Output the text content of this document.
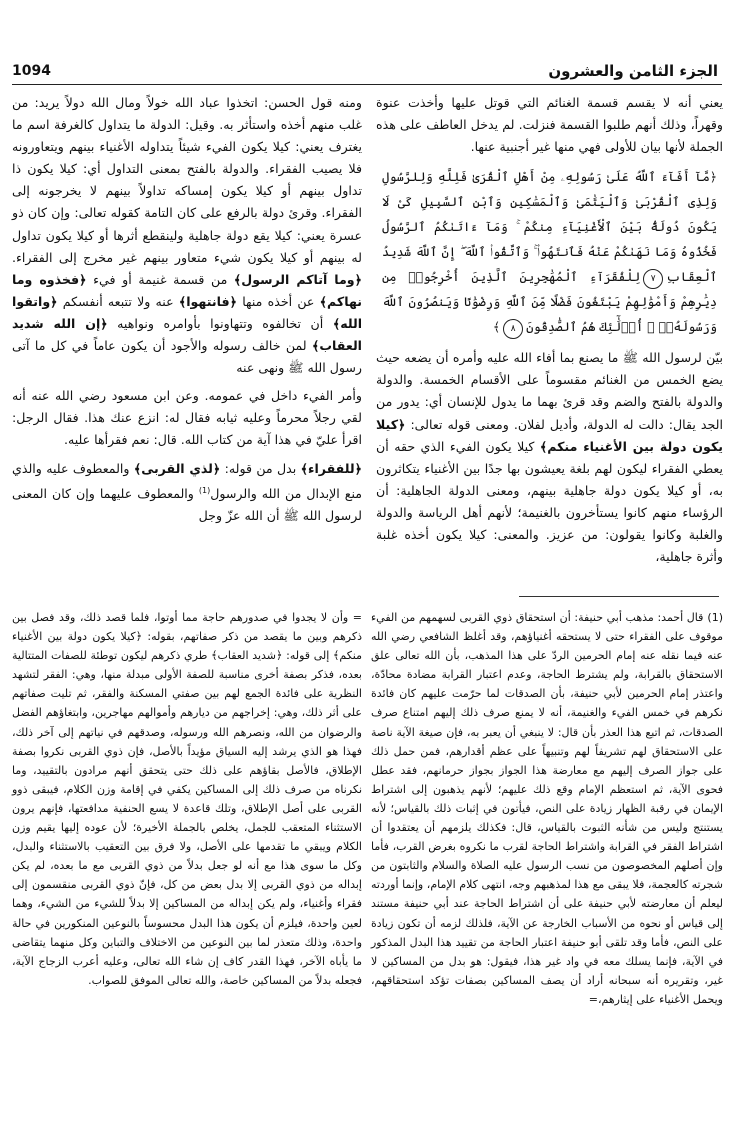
الجزء الثامن والعشرون
1094

يعني أنه لا يقسم قسمة الغنائم التي قوتل عليها وأخذت عنوة وقهراً، وذلك أنهم طلبوا القسمة فنزلت. لم يدخل العاطف على هذه الجملة لأنها بيان للأولى فهي منها غير أجنبية عنها.

﴿مَّآ أَفَآءَ ٱللَّهُ عَلَىٰ رَسُولِهِۦ مِنْ أَهْلِ ٱلْقُرَىٰ فَلِلَّهِ وَلِلرَّسُولِ وَلِذِى ٱلْقُرْبَىٰ وَٱلْيَتَٰمَىٰ وَٱلْمَسَٰكِينِ وَٱبْنِ ٱلسَّبِيلِ كَىْ لَا يَكُونَ دُولَةًۢ بَيْنَ ٱلْأَغْنِيَآءِ مِنكُمْ ۚ وَمَآ ءَاتَىٰكُمُ ٱلرَّسُولُ فَخُذُوهُ وَمَا نَهَىٰكُمْ عَنْهُ فَٱنتَهُوا۟ ۚ وَٱتَّقُوا۟ ٱللَّهَ ۖ إِنَّ ٱللَّهَ شَدِيدُ ٱلْعِقَابِ٧لِلْفُقَرَآءِ ٱلْمُهَٰجِرِينَ ٱلَّذِينَ أُخْرِجُوا۟ مِن دِيَٰرِهِمْ وَأَمْوَٰلِهِمْ يَبْتَغُونَ فَضْلًا مِّنَ ٱللَّهِ وَرِضْوَٰنًا وَيَنصُرُونَ ٱللَّهَ وَرَسُولَهُۥٓ ۚ أُو۟لَٰٓئِكَ هُمُ ٱلصَّٰدِقُونَ٨﴾

بيّن لرسول الله ﷺ ما يصنع بما أفاء الله عليه وأمره أن يضعه حيث يضع الخمس من الغنائم مقسوماً على الأقسام الخمسة. والدولة والدولة بالفتح والضم وقد قرئ بهما ما يدول للإنسان أي: يدور من الجد يقال: دالت له الدولة، وأديل لفلان. ومعنى قوله تعالى: ﴿كيلا يكون دولة بين الأغنياء منكم﴾ كيلا يكون الفيء الذي حقه أن يعطي الفقراء ليكون لهم بلغة يعيشون بها جدًا بين الأغنياء يتكاثرون به، أو كيلا يكون دولة جاهلية بينهم، ومعنى الدولة الجاهلية: أن الرؤساء منهم كانوا يستأخرون بالغنيمة؛ لأنهم أهل الرياسة والدولة والغلبة وكانوا يقولون: من عزيز. والمعنى: كيلا يكون أخذه غلبة وأثرة جاهلية،

ومنه قول الحسن: اتخذوا عباد الله خولاً ومال الله دولاً يريد: من غلب منهم أخذه واستأثر به. وقيل: الدولة ما يتداول كالغرفة اسم ما يغترف يعني: كيلا يكون الفيء شيئاً يتداوله الأغنياء بينهم ويتعاورونه فلا يصيب الفقراء. والدولة بالفتح بمعنى التداول أي: كيلا يكون ذا تداول بينهم أو كيلا يكون إمساكه تداولاً بينهم لا يخرجونه إلى الفقراء. وقرئ دولة بالرفع على كان التامة كقوله تعالى: وإن كان ذو عسرة يعني: كيلا يقع دولة جاهلية ولينقطع أثرها أو كيلا يكون تداول له بينهم أو كيلا يكون شيء متعاور بينهم غير مخرج إلى الفقراء. ﴿وما آتاكم الرسول﴾ من قسمة غنيمة أو فيء ﴿فخذوه وما نهاكم﴾ عن أخذه منها ﴿فانتهوا﴾ عنه ولا تتبعه أنفسكم ﴿واتقوا الله﴾ أن تخالفوه وتتهاونوا بأوامره ونواهيه ﴿إن الله شديد العقاب﴾ لمن خالف رسوله والأجود أن يكون عاماً في كل ما آتى رسول الله ﷺ ونهى عنه

وأمر الفيء داخل في عمومه. وعن ابن مسعود رضي الله عنه أنه لقي رجلاً محرماً وعليه ثيابه فقال له: انزع عنك هذا. فقال الرجل: اقرأ عليّ في هذا آية من كتاب الله. قال: نعم فقرأها عليه.

﴿للفقراء﴾ بدل من قوله: ﴿لذي القربى﴾ والمعطوف عليه والذي منع الإبدال من الله والرسول$^{(1)}$ والمعطوف عليهما وإن كان المعنى لرسول الله ﷺ أن الله عزّ وجل

(1)قال أحمد: مذهب أبي حنيفة: أن استحقاق ذوي القربى لسهمهم من الفيء موقوف على الفقراء حتى لا يستحقه أغنياؤهم، وقد أغلظ الشافعي رضي الله عنه فيما نقله عنه إمام الحرمين الردّ على هذا المذهب، بأن الله تعالى علق الاستحقاق بالقرابة، ولم يشترط الحاجة، وعدم اعتبار القرابة مضادة محادّة، واعتذر إمام الحرمين لأبي حنيفة، بأن الصدقات لما حرّمت عليهم كان فائدة نكرهم في خمس الفيء والغنيمة، أنه لا يمنع صرف ذلك إليهم امتناع صرف الصدقات، ثم اتبع هذا العذر بأن قال: لا ينبغي أن يعبر به، فإن صيغة الآية ناصة على الاستحقاق لهم تشريفاً لهم وتنبيهاً على عظم أقدارهم، فمن حمل ذلك على جواز الصرف إليهم مع معارضة هذا الجواز بجواز حرمانهم، فقد عطل فحوى الآية، ثم استعظم الإمام وقع ذلك عليهم؛ لأنهم يذهبون إلى اشتراط الإيمان في رقبة الظهار زيادة على النص، فيأتون في إثبات ذلك بالقياس؛ لأنه يستنتج وليس من شأنه الثبوت بالقياس، قال: فكذلك يلزمهم أن يعتقدوا أن اشتراط الفقر في القرابة واشتراط الحاجة لقرب ما نكروه بغرض القرب، فأما وإن أصلهم المخصوصون من نسب الرسول عليه الصلاة والسلام والثابتون من شجرته كالعجمة، فلا يبقى مع هذا لمذهبهم وجه، انتهى كلام الإمام، وإنما أوردته ليعلم أن معارضته لأبي حنيفة على أن اشتراط الحاجة عند أبي حنيفة مستند إلى قياس أو نحوه من الأسباب الخارجة عن الآية، فلذلك لزمه أن تكون زيادة على النص، فأما وقد تلقى أبو حنيفة اعتبار الحاجة من تقييد هذا البدل المذكور في الآية، فإنما يسلك معه في واد غير هذا، فيقول: هو بدل من المساكين لا غير، وتقريره أنه سبحانه أراد أن يصف المساكين بصفات تؤكد استحقاقهم، ويحمل الأغنياء على إيثارهم،=
= وأن لا يجدوا في صدورهم حاجة مما أوتوا، فلما قصد ذلك، وقد فصل بين ذكرهم وبين ما يقصد من ذكر صفاتهم، بقوله: ﴿كيلا يكون دولة بين الأغنياء منكم﴾ إلى قوله: ﴿شديد العقاب﴾ طري ذكرهم ليكون توطئة للصفات المتتالية بعده، فذكر بصفة أخرى مناسبة للصفة الأولى مبدلة منها، وهي: الفقر لتشهد النظرية على فائدة الجمع لهم بين صفتي المسكنة والفقر، ثم تليت صفاتهم على أثر ذلك، وهي: إخراجهم من ديارهم وأموالهم مهاجرين، وابتغاؤهم الفضل والرضوان من الله، ونصرهم الله ورسوله، وصدقهم في نياتهم إلى آخر ذلك، فهذا هو الذي يرشد إليه السياق مؤيداً بالأصل، فإن ذوي القربى نكروا بصفة الإطلاق، فالأصل بقاؤهم على ذلك حتى يتحقق أنهم مرادون بالتقييد، وما نكرناه من صرف ذلك إلى المساكين يكفي في إقامة وزن الكلام، فيبقى ذوو القربى على أصل الإطلاق، وتلك قاعدة لا يسع الحنفية مدافعتها، فإنهم يرون الاستثناء المتعقب للجمل، يخلص بالجملة الأخيرة؛ لأن عوده إليها يقيم وزن الكلام ويبقي ما تقدمها على الأصل، ولا فرق بين التعقيب بالاستثناء والبدل، وكل ما سوى هذا مع أنه لو جعل بدلاً من ذوي القربى مع ما بعده، لم يكن إبداله من ذوي القربى إلا بدل بعض من كل، فإنّ ذوي القربى منقسمون إلى فقراء وأغنياء، ولم يكن إبداله من المساكين إلا بدلاً للشيء من الشيء، وهما لعين واحدة، فيلزم أن يكون هذا البدل محسوساً بالنوعين المنكورين في حالة واحدة، وذلك متعذر لما بين النوعين من الاختلاف والتباين وكل منهما يتقاضى ما يأباه الآخر، فهذا القدر كاف إن شاء الله تعالى، وعليه أعرب الزجاج الآية، فجعله بدلاً من المساكين خاصة، والله تعالى الموفق للصواب.
